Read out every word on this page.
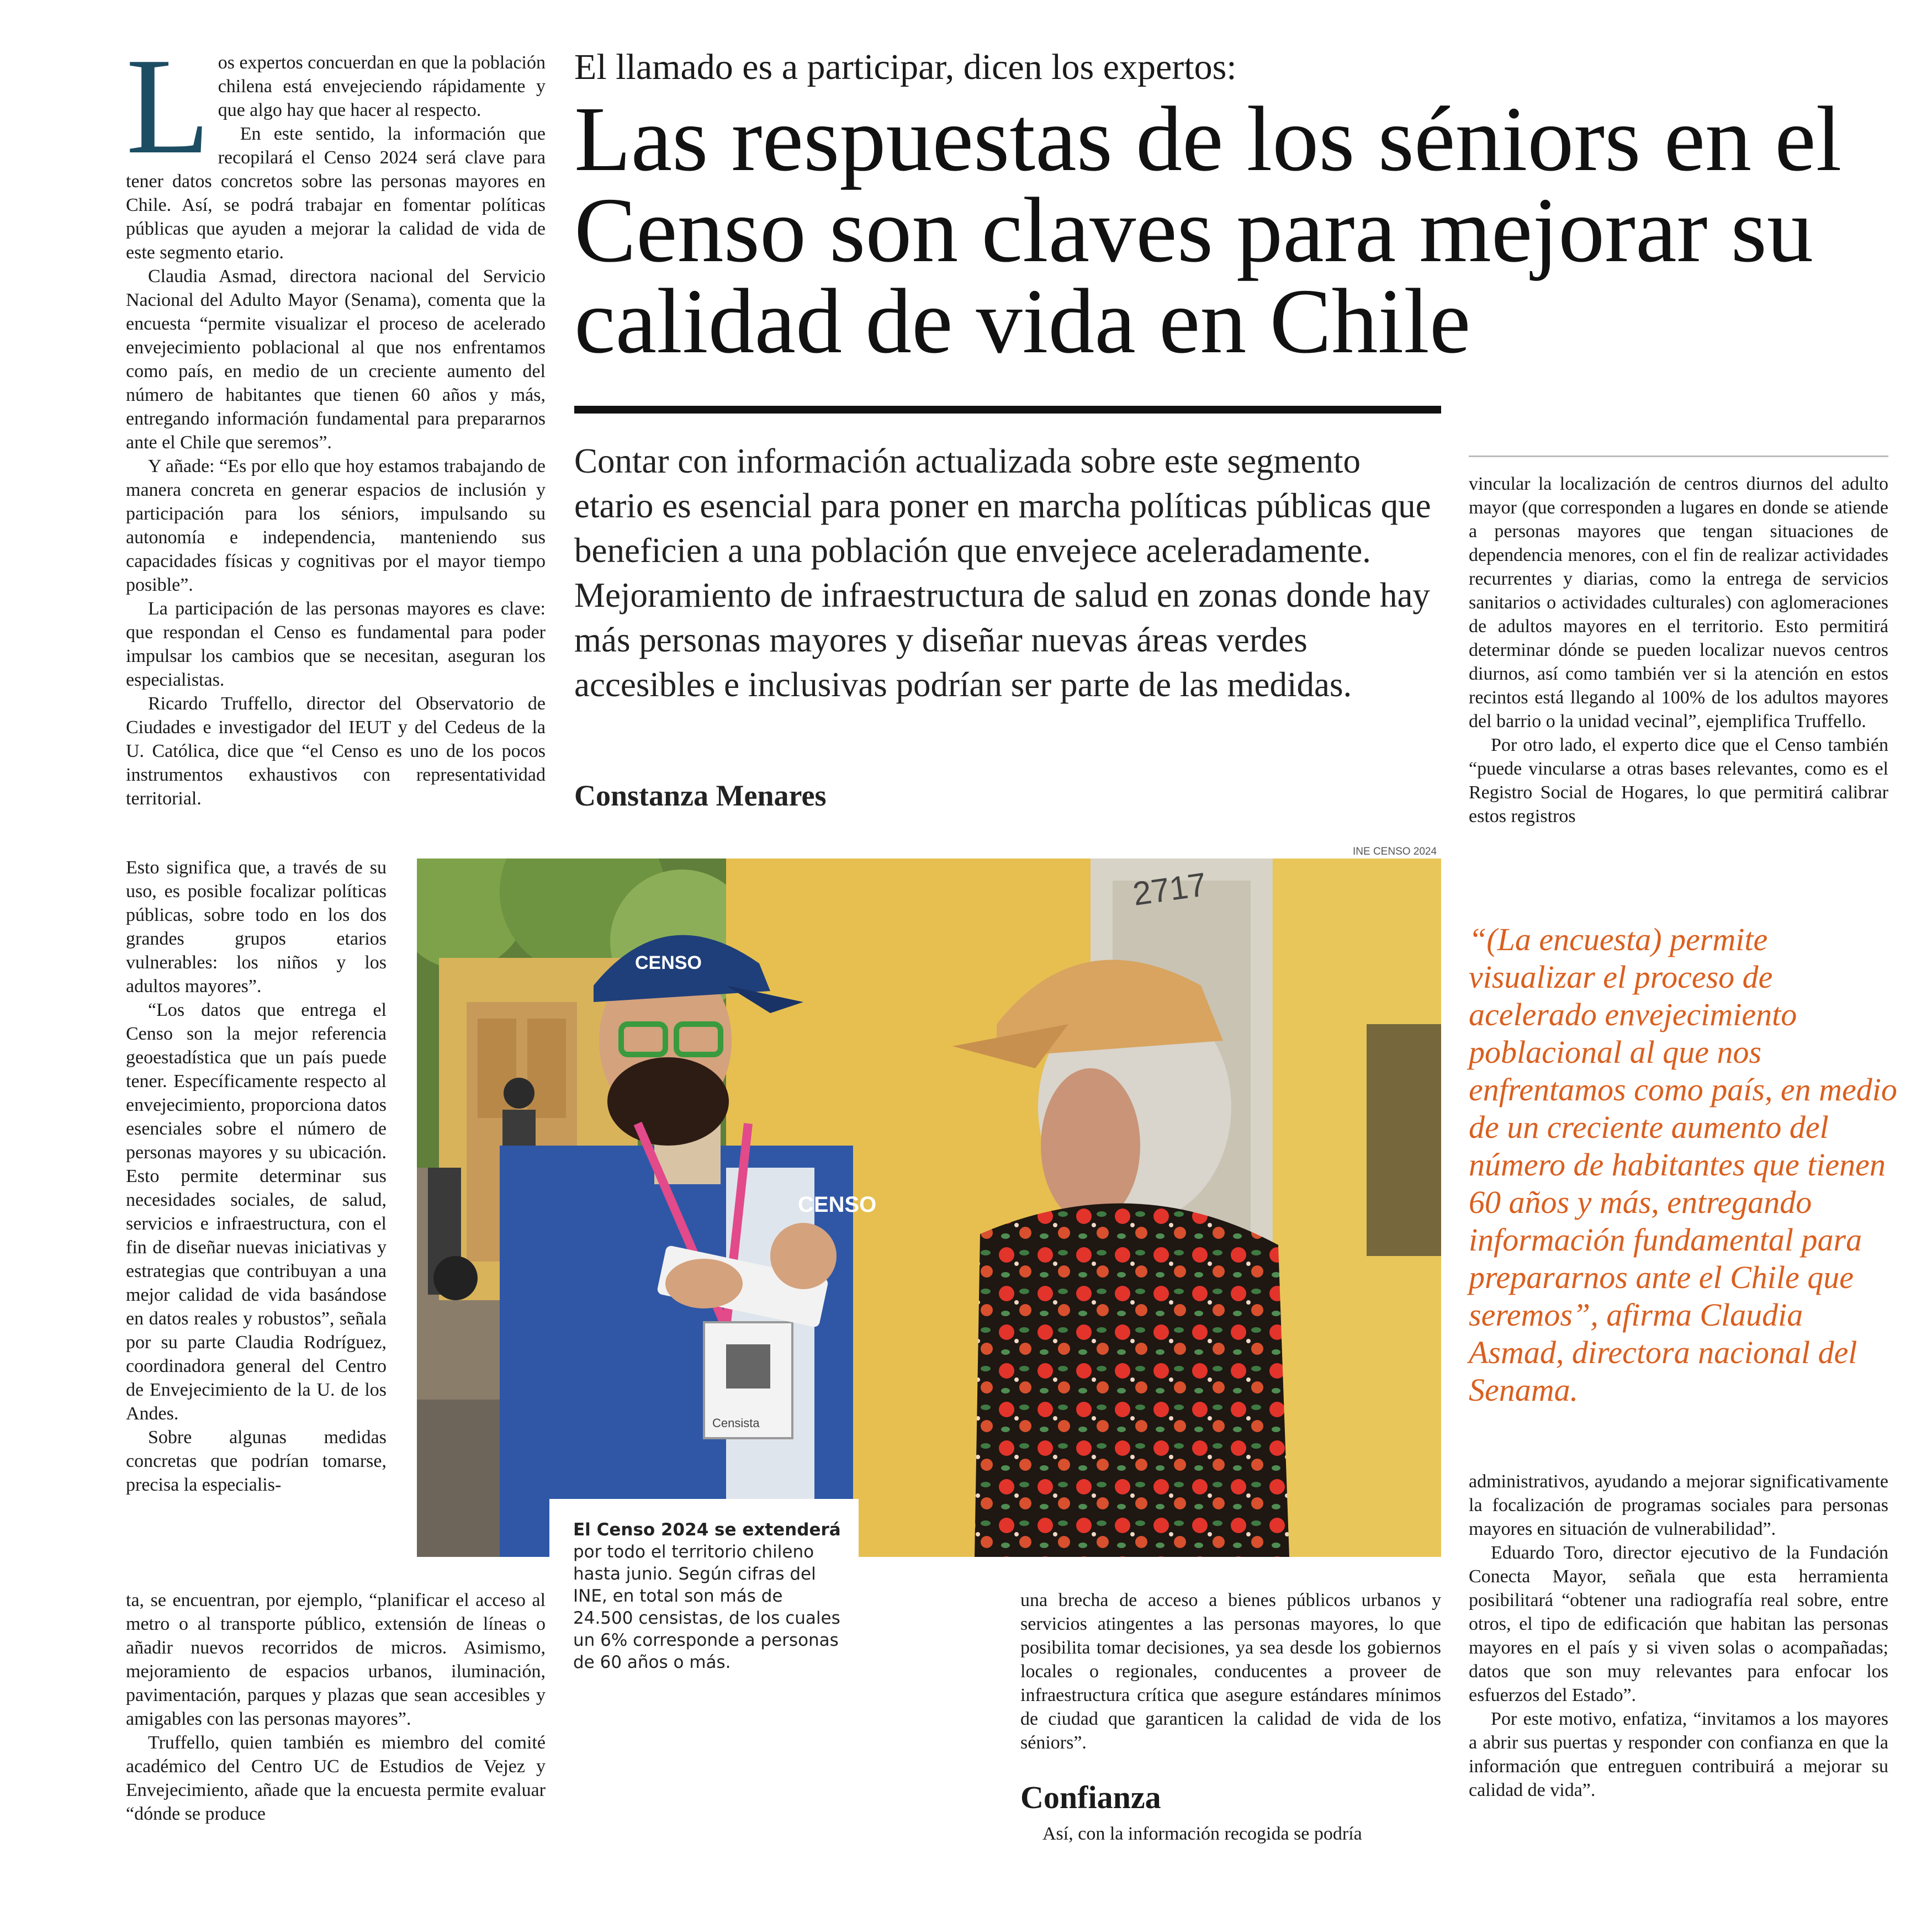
L os expertos concuerdan en que la población chilena está envejeciendo rápidamente y que algo hay que hacer al respecto.

En este sentido, la información que recopilará el Censo 2024 será clave para tener datos concretos sobre las personas mayores en Chile. Así, se podrá trabajar en fomentar políticas públicas que ayuden a mejorar la calidad de vida de este segmento etario.

Claudia Asmad, directora nacional del Servicio Nacional del Adulto Mayor (Senama), comenta que la encuesta “permite visualizar el proceso de acelerado envejecimiento poblacional al que nos enfrentamos como país, en medio de un creciente aumento del número de habitantes que tienen 60 años y más, entregando información fundamental para prepararnos ante el Chile que seremos”.

Y añade: “Es por ello que hoy estamos trabajando de manera concreta en generar espacios de inclusión y participación para los séniors, impulsando su autonomía e independencia, manteniendo sus capacidades físicas y cognitivas por el mayor tiempo posible”.

La participación de las personas mayores es clave: que respondan el Censo es fundamental para poder impulsar los cambios que se necesitan, aseguran los especialistas.

Ricardo Truffello, director del Observatorio de Ciudades e investigador del IEUT y del Cedeus de la U. Católica, dice que “el Censo es uno de los pocos instrumentos exhaustivos con representatividad territorial.

Esto significa que, a través de su uso, es posible focalizar políticas públicas, sobre todo en los dos grandes grupos etarios vulnerables: los niños y los adultos mayores”.

“Los datos que entrega el Censo son la mejor referencia geoestadística que un país puede tener. Específicamente respecto al envejecimiento, proporciona datos esenciales sobre el número de personas mayores y su ubicación. Esto permite determinar sus necesidades sociales, de salud, servicios e infraestructura, con el fin de diseñar nuevas iniciativas y estrategias que contribuyan a una mejor calidad de vida basándose en datos reales y robustos”, señala por su parte Claudia Rodríguez, coordinadora general del Centro de Envejecimiento de la U. de los Andes.

Sobre algunas medidas concretas que podrían tomarse, precisa la especialis-

ta, se encuentran, por ejemplo, “planificar el acceso al metro o al transporte público, extensión de líneas o añadir nuevos recorridos de micros. Asimismo, mejoramiento de espacios urbanos, iluminación, pavimentación, parques y plazas que sean accesibles y amigables con las personas mayores”.

Truffello, quien también es miembro del comité académico del Centro UC de Estudios de Vejez y Envejecimiento, añade que la encuesta permite evaluar “dónde se produce

El llamado es a participar, dicen los expertos:

Las respuestas de los séniors en el Censo son claves para mejorar su calidad de vida en Chile

Contar con información actualizada sobre este segmento etario es esencial para poner en marcha políticas públicas que beneficien a una población que envejece aceleradamente. Mejoramiento de infraestructura de salud en zonas donde hay más personas mayores y diseñar nuevas áreas verdes accesibles e inclusivas podrían ser parte de las medidas.

Constanza Menares

INE CENSO 2024
2717
CENSO
Censista
CENSO

El Censo 2024 se extenderá por todo el territorio chileno hasta junio. Según cifras del INE, en total son más de 24.500 censistas, de los cuales un 6% corresponde a personas de 60 años o más.

una brecha de acceso a bienes públicos urbanos y servicios atingentes a las personas mayores, lo que posibilita tomar decisiones, ya sea desde los gobiernos locales o regionales, conducentes a proveer de infraestructura crítica que asegure estándares mínimos de ciudad que garanticen la calidad de vida de los séniors”.

Confianza

Así, con la información recogida se podría

vincular la localización de centros diurnos del adulto mayor (que corresponden a lugares en donde se atiende a personas mayores que tengan situaciones de dependencia menores, con el fin de realizar actividades recurrentes y diarias, como la entrega de servicios sanitarios o actividades culturales) con aglomeraciones de adultos mayores en el territorio. Esto permitirá determinar dónde se pueden localizar nuevos centros diurnos, así como también ver si la atención en estos recintos está llegando al 100% de los adultos mayores del barrio o la unidad vecinal”, ejemplifica Truffello.

Por otro lado, el experto dice que el Censo también “puede vincularse a otras bases relevantes, como es el Registro Social de Hogares, lo que permitirá calibrar estos registros

“(La encuesta) permite visualizar el proceso de acelerado envejecimiento poblacional al que nos enfrentamos como país, en medio de un creciente aumento del número de habitantes que tienen 60 años y más, entregando información fundamental para prepararnos ante el Chile que seremos”, afirma Claudia Asmad, directora nacional del Senama.

administrativos, ayudando a mejorar significativamente la focalización de programas sociales para personas mayores en situación de vulnerabilidad”.

Eduardo Toro, director ejecutivo de la Fundación Conecta Mayor, señala que esta herramienta posibilitará “obtener una radiografía real sobre, entre otros, el tipo de edificación que habitan las personas mayores en el país y si viven solas o acompañadas; datos que son muy relevantes para enfocar los esfuerzos del Estado”.

Por este motivo, enfatiza, “invitamos a los mayores a abrir sus puertas y responder con confianza en que la información que entreguen contribuirá a mejorar su calidad de vida”.
